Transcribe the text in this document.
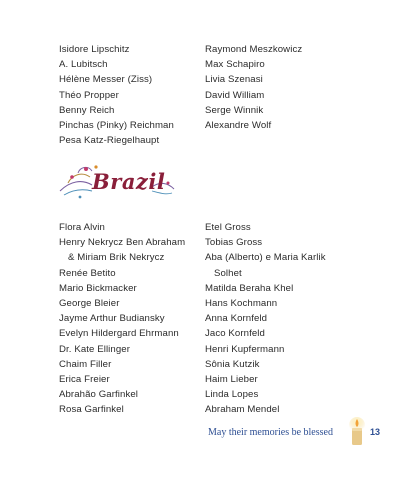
Isidore Lipschitz
A. Lubitsch
Hélène Messer (Ziss)
Théo Propper
Benny Reich
Pinchas (Pinky) Reichman
Pesa Katz-Riegelhaupt
Raymond Meszkowicz
Max Schapiro
Livia Szenasi
David William
Serge Winnik
Alexandre Wolf
Brazil
Flora Alvin
Henry Nekrycz Ben Abraham
& Miriam Brik Nekrycz
Renée Betito
Mario Bickmacker
George Bleier
Jayme Arthur Budiansky
Evelyn Hildergard Ehrmann
Dr. Kate Ellinger
Chaim Filler
Erica Freier
Abrahão Garfinkel
Rosa Garfinkel
Etel Gross
Tobias Gross
Aba (Alberto) e Maria Karlik
Solhet
Matilda Beraha Khel
Hans Kochmann
Anna Kornfeld
Jaco Kornfeld
Henri Kupfermann
Sônia Kutzik
Haim Lieber
Linda Lopes
Abraham Mendel
May their memories be blessed	13
